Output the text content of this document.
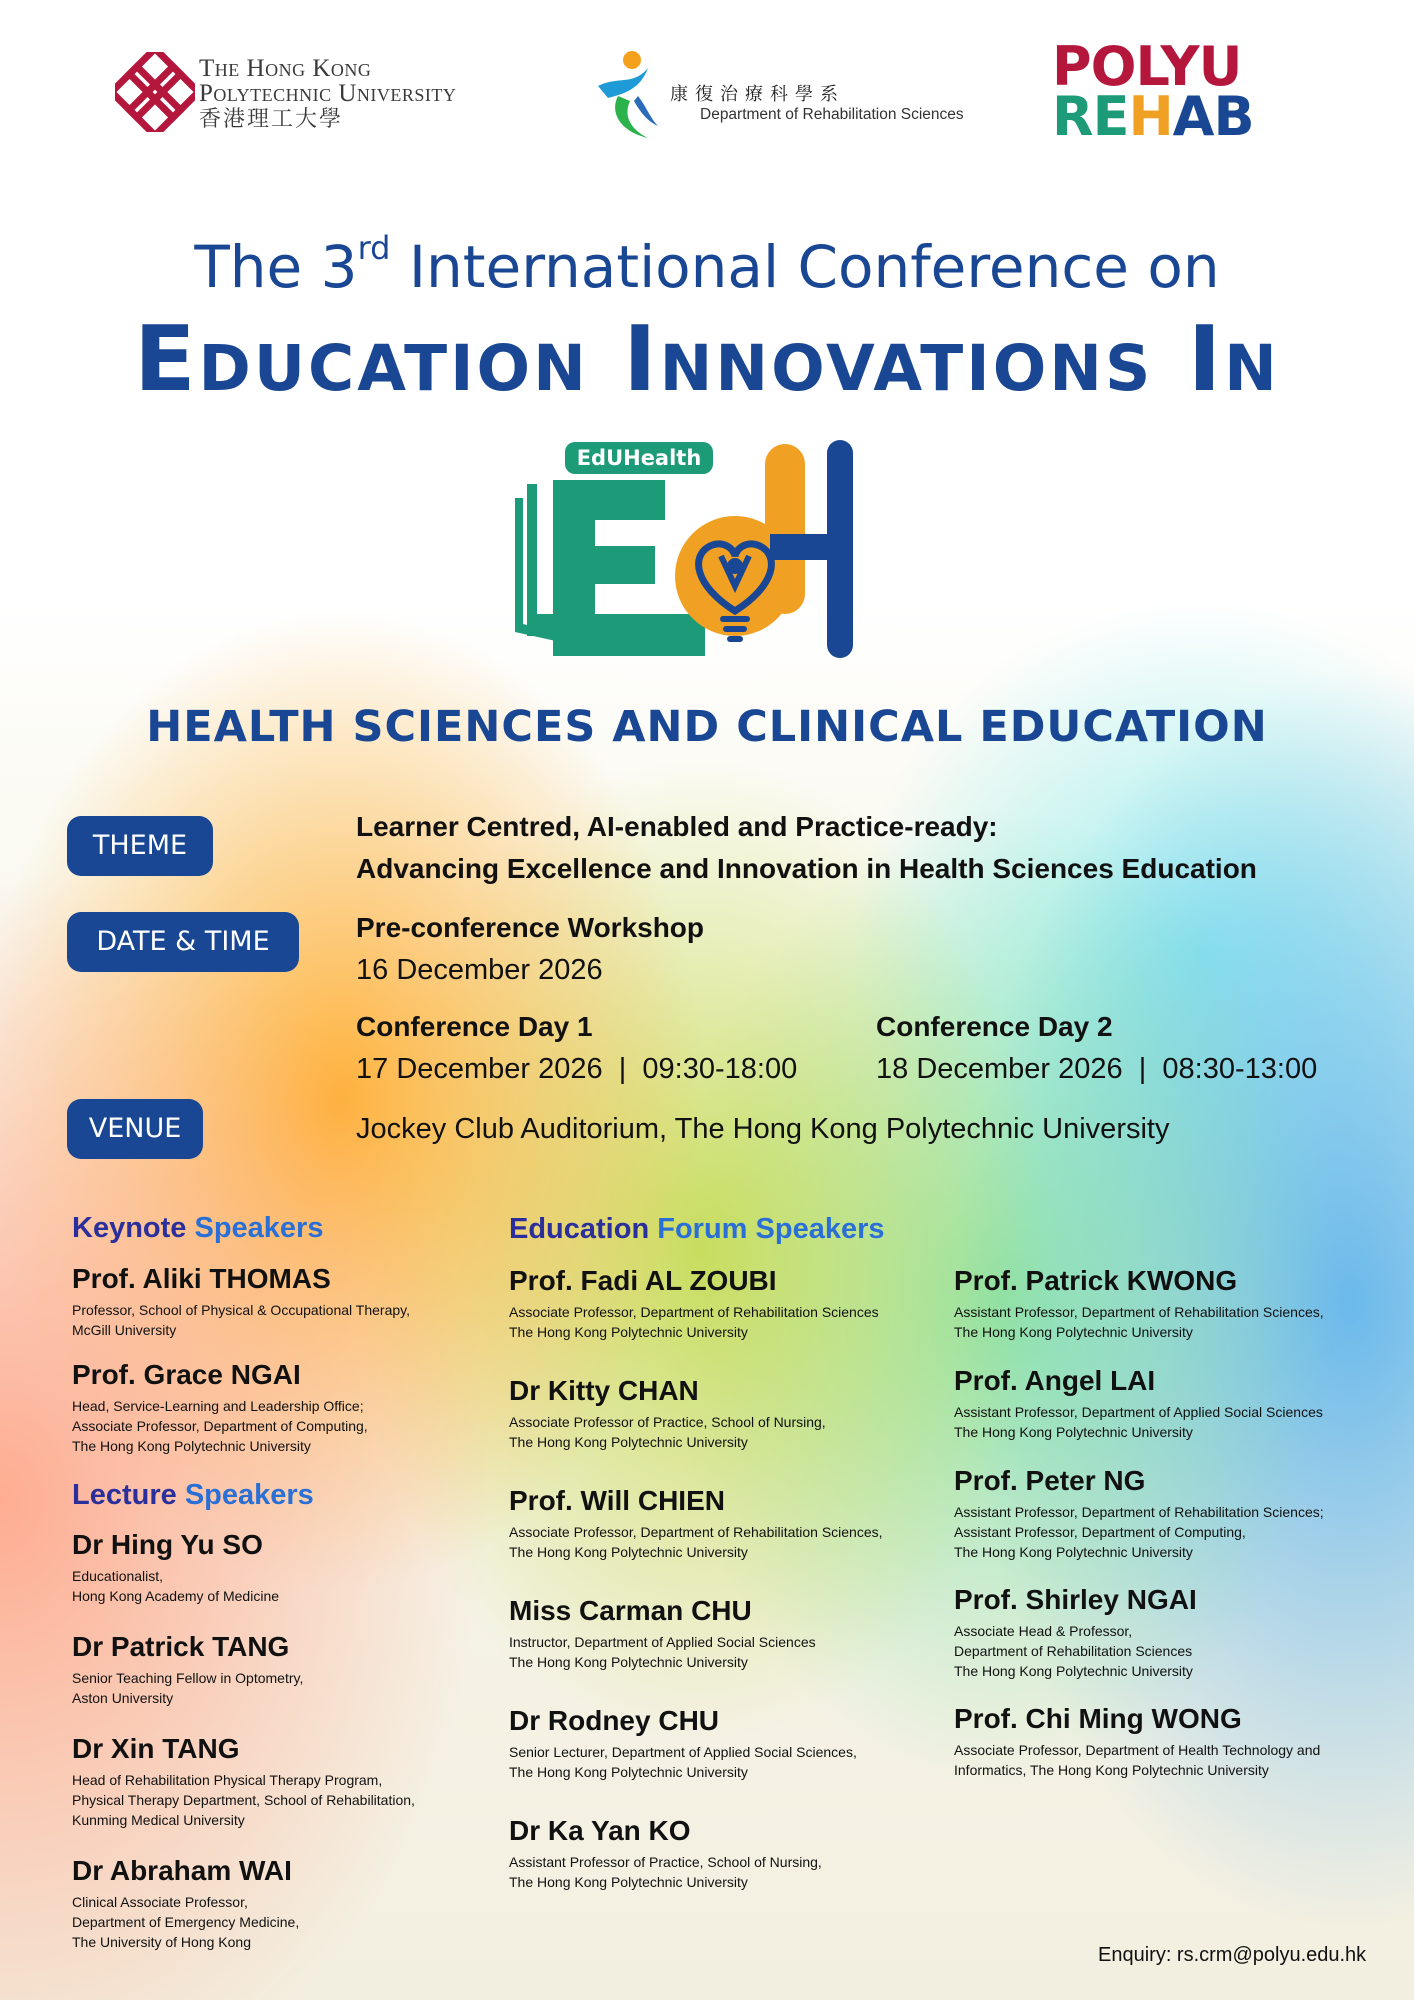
The Hong Kong
Polytechnic University
香港理工大學
康復治療科學系
Department of Rehabilitation Sciences
POLYU
REHAB
The 3rd International Conference on
Education Innovations In
EdUHealth
HEALTH SCIENCES AND CLINICAL EDUCATION
THEME
Learner Centred, AI-enabled and Practice-ready:
Advancing Excellence and Innovation in Health Sciences Education
DATE & TIME	Pre-conference Workshop
16 December 2026
Conference Day 1
17 December 2026  |  09:30-18:00
Conference Day 2
18 December 2026  |  08:30-13:00
VENUE	Jockey Club Auditorium, The Hong Kong Polytechnic University
Keynote Speakers
Prof. Aliki THOMAS
Professor, School of Physical & Occupational Therapy,
McGill University
Prof. Grace NGAI
Head, Service-Learning and Leadership Office;
Associate Professor, Department of Computing,
The Hong Kong Polytechnic University
Lecture Speakers
Dr Hing Yu SO
Educationalist,
Hong Kong Academy of Medicine
Dr Patrick TANG
Senior Teaching Fellow in Optometry,
Aston University
Dr Xin TANG
Head of Rehabilitation Physical Therapy Program,
Physical Therapy Department, School of Rehabilitation,
Kunming Medical University
Dr Abraham WAI
Clinical Associate Professor,
Department of Emergency Medicine,
The University of Hong Kong
Education Forum Speakers
Prof. Fadi AL ZOUBI
Associate Professor, Department of Rehabilitation Sciences
The Hong Kong Polytechnic University
Dr Kitty CHAN
Associate Professor of Practice, School of Nursing,
The Hong Kong Polytechnic University
Prof. Will CHIEN
Associate Professor, Department of Rehabilitation Sciences,
The Hong Kong Polytechnic University
Miss Carman CHU
Instructor, Department of Applied Social Sciences
The Hong Kong Polytechnic University
Dr Rodney CHU
Senior Lecturer, Department of Applied Social Sciences,
The Hong Kong Polytechnic University
Dr Ka Yan KO
Assistant Professor of Practice, School of Nursing,
The Hong Kong Polytechnic University
Prof. Patrick KWONG
Assistant Professor, Department of Rehabilitation Sciences,
The Hong Kong Polytechnic University
Prof. Angel LAI
Assistant Professor, Department of Applied Social Sciences
The Hong Kong Polytechnic University
Prof. Peter NG
Assistant Professor, Department of Rehabilitation Sciences;
Assistant Professor, Department of Computing,
The Hong Kong Polytechnic University
Prof. Shirley NGAI
Associate Head & Professor,
Department of Rehabilitation Sciences
The Hong Kong Polytechnic University
Prof. Chi Ming WONG
Associate Professor, Department of Health Technology and
Informatics, The Hong Kong Polytechnic University
Enquiry: rs.crm@polyu.edu.hk
